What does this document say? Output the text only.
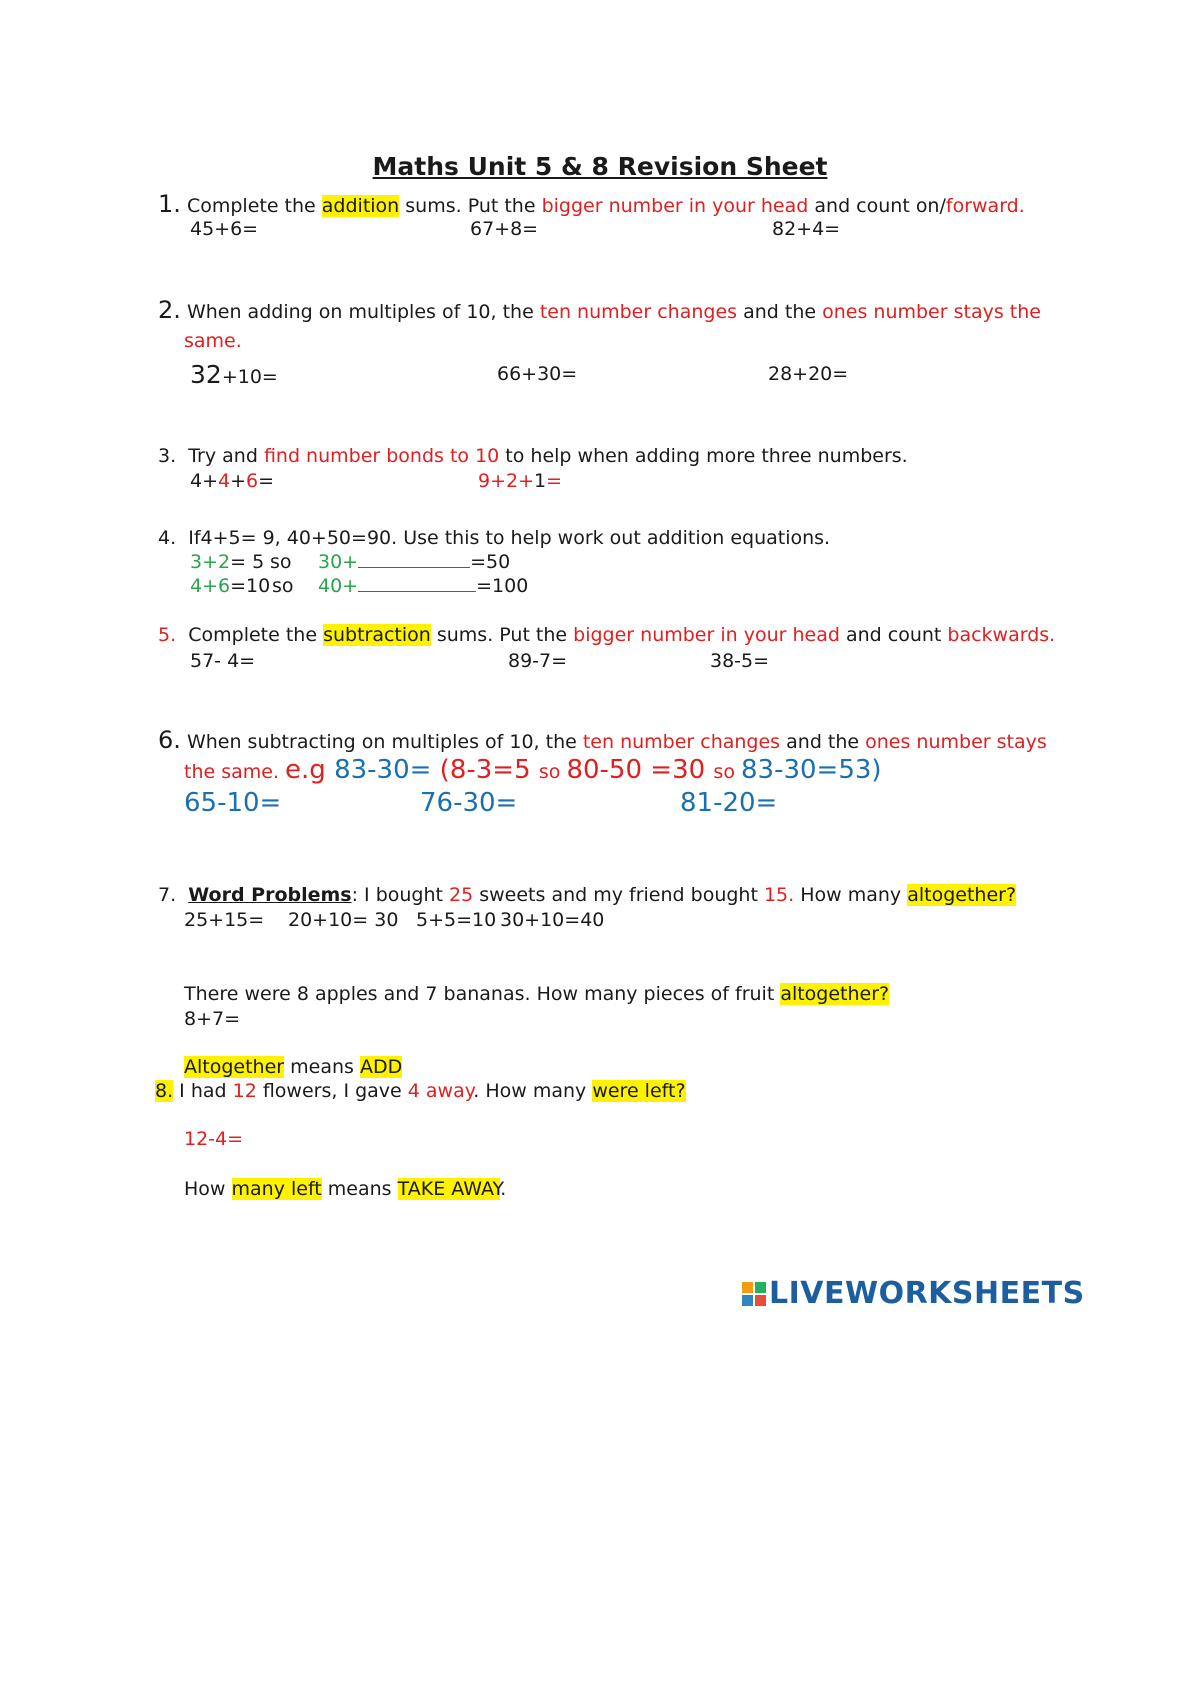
Maths Unit 5 & 8 Revision Sheet
1. Complete the addition sums. Put the bigger number in your head and count on/forward.
45+6=	67+8=	82+4=
2. When adding on multiples of 10, the ten number changes and the ones number stays the
same.
32+10=	66+30=	28+20=
3. Try and find number bonds to 10 to help when adding more three numbers.
4+4+6=	9+2+1=
4. If4+5= 9, 40+50=90. Use this to help work out addition equations.
3+2= 5 so 30+	=50
4+6=10 so 40+	=100
5. Complete the subtraction sums. Put the bigger number in your head and count backwards.
57- 4=	89-7=	38-5=
6. When subtracting on multiples of 10, the ten number changes and the ones number stays
the same. e.g 83-30= (8-3=5 so 80-50 =30 so 83-30=53)
65-10=	76-30=	81-20=
7. Word Problems: I bought 25 sweets and my friend bought 15. How many altogether?
25+15= 20+10= 30 5+5=10 30+10=40
There were 8 apples and 7 bananas. How many pieces of fruit altogether?
8+7=
Altogether means ADD
8. I had 12 flowers, I gave 4 away. How many were left?
12-4=
How many left means TAKE AWAY.
LIVEWORKSHEETS
